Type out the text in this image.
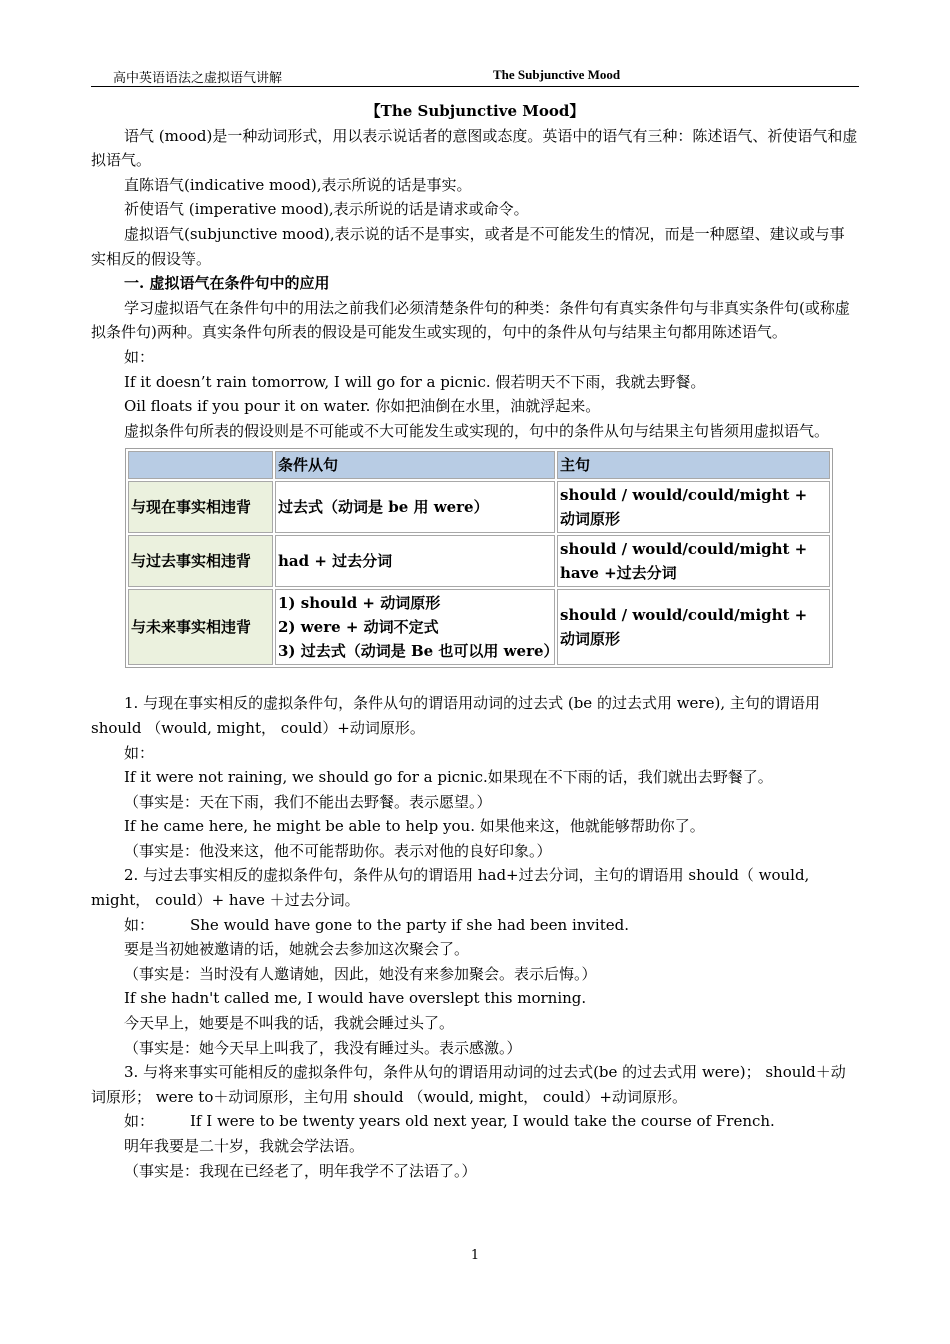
高中英语语法之虚拟语气讲解	The Subjunctive Mood

【The Subjunctive Mood】

语气 (mood)是一种动词形式，用以表示说话者的意图或态度。英语中的语气有三种：陈述语气、祈使语气和虚拟语气。

直陈语气(indicative mood),表示所说的话是事实。

祈使语气 (imperative mood),表示所说的话是请求或命令。

虚拟语气(subjunctive mood),表示说的话不是事实，或者是不可能发生的情况，而是一种愿望、建议或与事实相反的假设等。

一. 虚拟语气在条件句中的应用

学习虚拟语气在条件句中的用法之前我们必须清楚条件句的种类：条件句有真实条件句与非真实条件句(或称虚拟条件句)两种。真实条件句所表的假设是可能发生或实现的，句中的条件从句与结果主句都用陈述语气。

如：

If it doesn’t rain tomorrow, I will go for a picnic. 假若明天不下雨，我就去野餐。

Oil floats if you pour it on water. 你如把油倒在水里，油就浮起来。

虚拟条件句所表的假设则是不可能或不大可能发生或实现的，句中的条件从句与结果主句皆须用虚拟语气。

	条件从句	主句
与现在事实相违背	过去式（动词是 be 用 were）	should / would/could/might + 动词原形
与过去事实相违背	had + 过去分词	should / would/could/might + have +过去分词
与未来事实相违背	1) should + 动词原形
2) were + 动词不定式
3) 过去式（动词是 Be 也可以用 were）	should / would/could/might + 动词原形

1. 与现在事实相反的虚拟条件句，条件从句的谓语用动词的过去式 (be 的过去式用 were), 主句的谓语用 should （would, might， could）+动词原形。

如：

If it were not raining, we should go for a picnic.如果现在不下雨的话，我们就出去野餐了。

（事实是：天在下雨，我们不能出去野餐。表示愿望。）

If he came here, he might be able to help you. 如果他来这，他就能够帮助你了。

（事实是：他没来这，他不可能帮助你。表示对他的良好印象。）

2. 与过去事实相反的虚拟条件句，条件从句的谓语用 had+过去分词，主句的谓语用 should（ would, might， could）+ have ＋过去分词。

如： She would have gone to the party if she had been invited.

要是当初她被邀请的话，她就会去参加这次聚会了。

（事实是：当时没有人邀请她，因此，她没有来参加聚会。表示后悔。）

If she hadn't called me, I would have overslept this morning.

今天早上，她要是不叫我的话，我就会睡过头了。

（事实是：她今天早上叫我了，我没有睡过头。表示感激。）

3. 与将来事实可能相反的虚拟条件句，条件从句的谓语用动词的过去式(be 的过去式用 were)； should＋动词原形； were to＋动词原形，主句用 should （would, might， could）+动词原形。

如： If I were to be twenty years old next year, I would take the course of French.

明年我要是二十岁，我就会学法语。

（事实是：我现在已经老了，明年我学不了法语了。）

1
